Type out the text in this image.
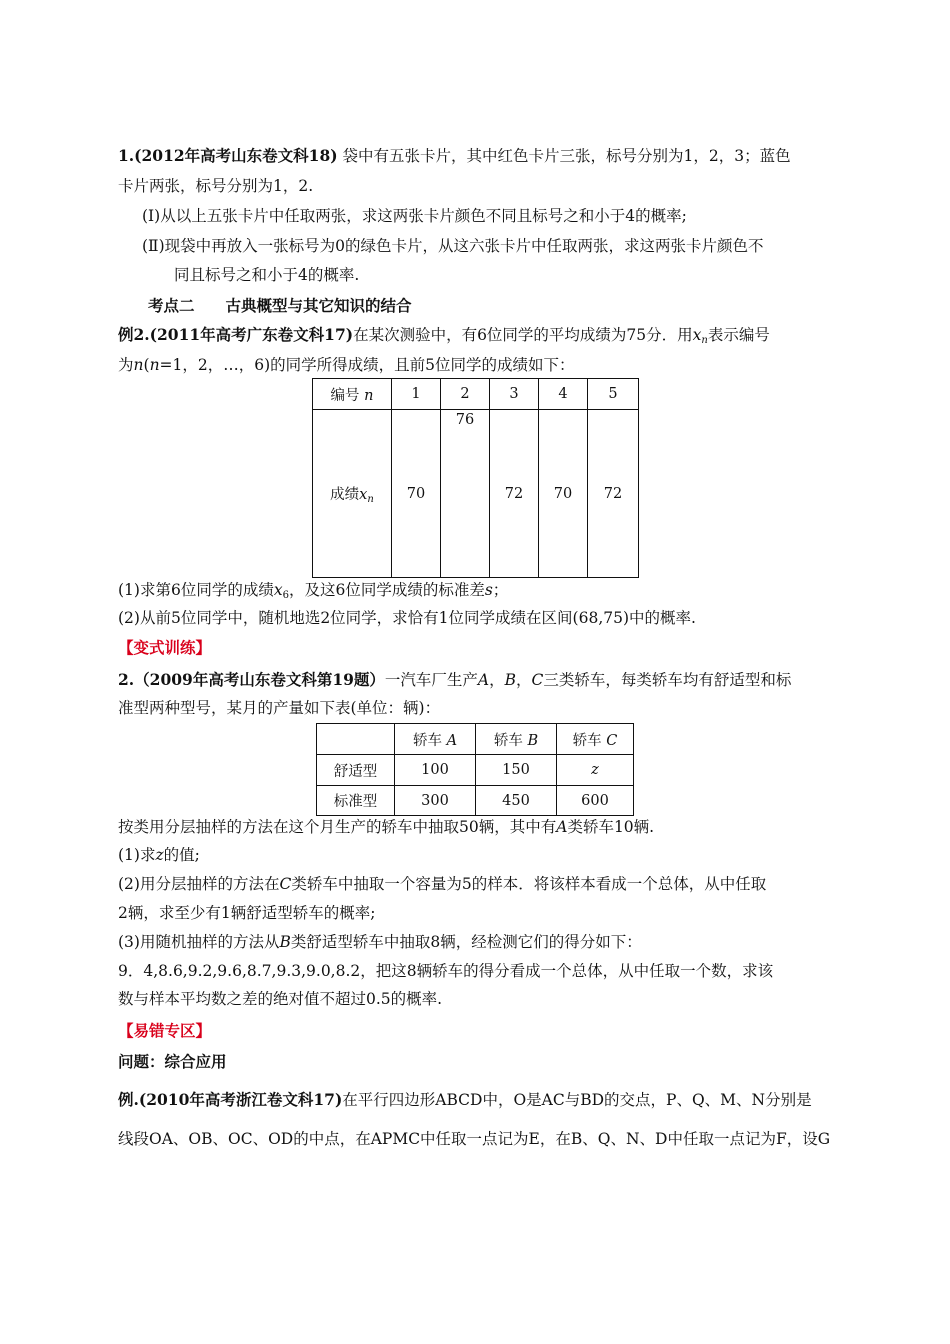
1.(2012年高考山东卷文科18) 袋中有五张卡片，其中红色卡片三张，标号分别为1，2，3；蓝色
卡片两张，标号分别为1，2.
(Ⅰ)从以上五张卡片中任取两张，求这两张卡片颜色不同且标号之和小于4的概率;
(Ⅱ)现袋中再放入一张标号为0的绿色卡片，从这六张卡片中任取两张，求这两张卡片颜色不
同且标号之和小于4的概率.
考点二　　古典概型与其它知识的结合
例2.(2011年高考广东卷文科17)在某次测验中，有6位同学的平均成绩为75分．用$x_n$表示编号
为n(n=1，2，…，6)的同学所得成绩，且前5位同学的成绩如下：
编号 n	1	2	3	4	5
成绩$x_n$	70	76	72	70	72
(1)求第6位同学的成绩$x_6$，及这6位同学成绩的标准差s；
(2)从前5位同学中，随机地选2位同学，求恰有1位同学成绩在区间(68,75)中的概率.
【变式训练】
2.（2009年高考山东卷文科第19题）一汽车厂生产A，B，C三类轿车，每类轿车均有舒适型和标
准型两种型号，某月的产量如下表(单位：辆)：
	轿车 A	轿车 B	轿车 C
舒适型	100	150	z
标准型	300	450	600
按类用分层抽样的方法在这个月生产的轿车中抽取50辆，其中有A类轿车10辆.
(1)求z的值;
(2)用分层抽样的方法在C类轿车中抽取一个容量为5的样本．将该样本看成一个总体，从中任取
2辆，求至少有1辆舒适型轿车的概率;
(3)用随机抽样的方法从B类舒适型轿车中抽取8辆，经检测它们的得分如下：
9．4,8.6,9.2,9.6,8.7,9.3,9.0,8.2，把这8辆轿车的得分看成一个总体，从中任取一个数，求该
数与样本平均数之差的绝对值不超过0.5的概率.
【易错专区】
问题：综合应用
例.(2010年高考浙江卷文科17)在平行四边形ABCD中，O是AC与BD的交点，P、Q、M、N分别是
线段OA、OB、OC、OD的中点，在APMC中任取一点记为E，在B、Q、N、D中任取一点记为F，设G
